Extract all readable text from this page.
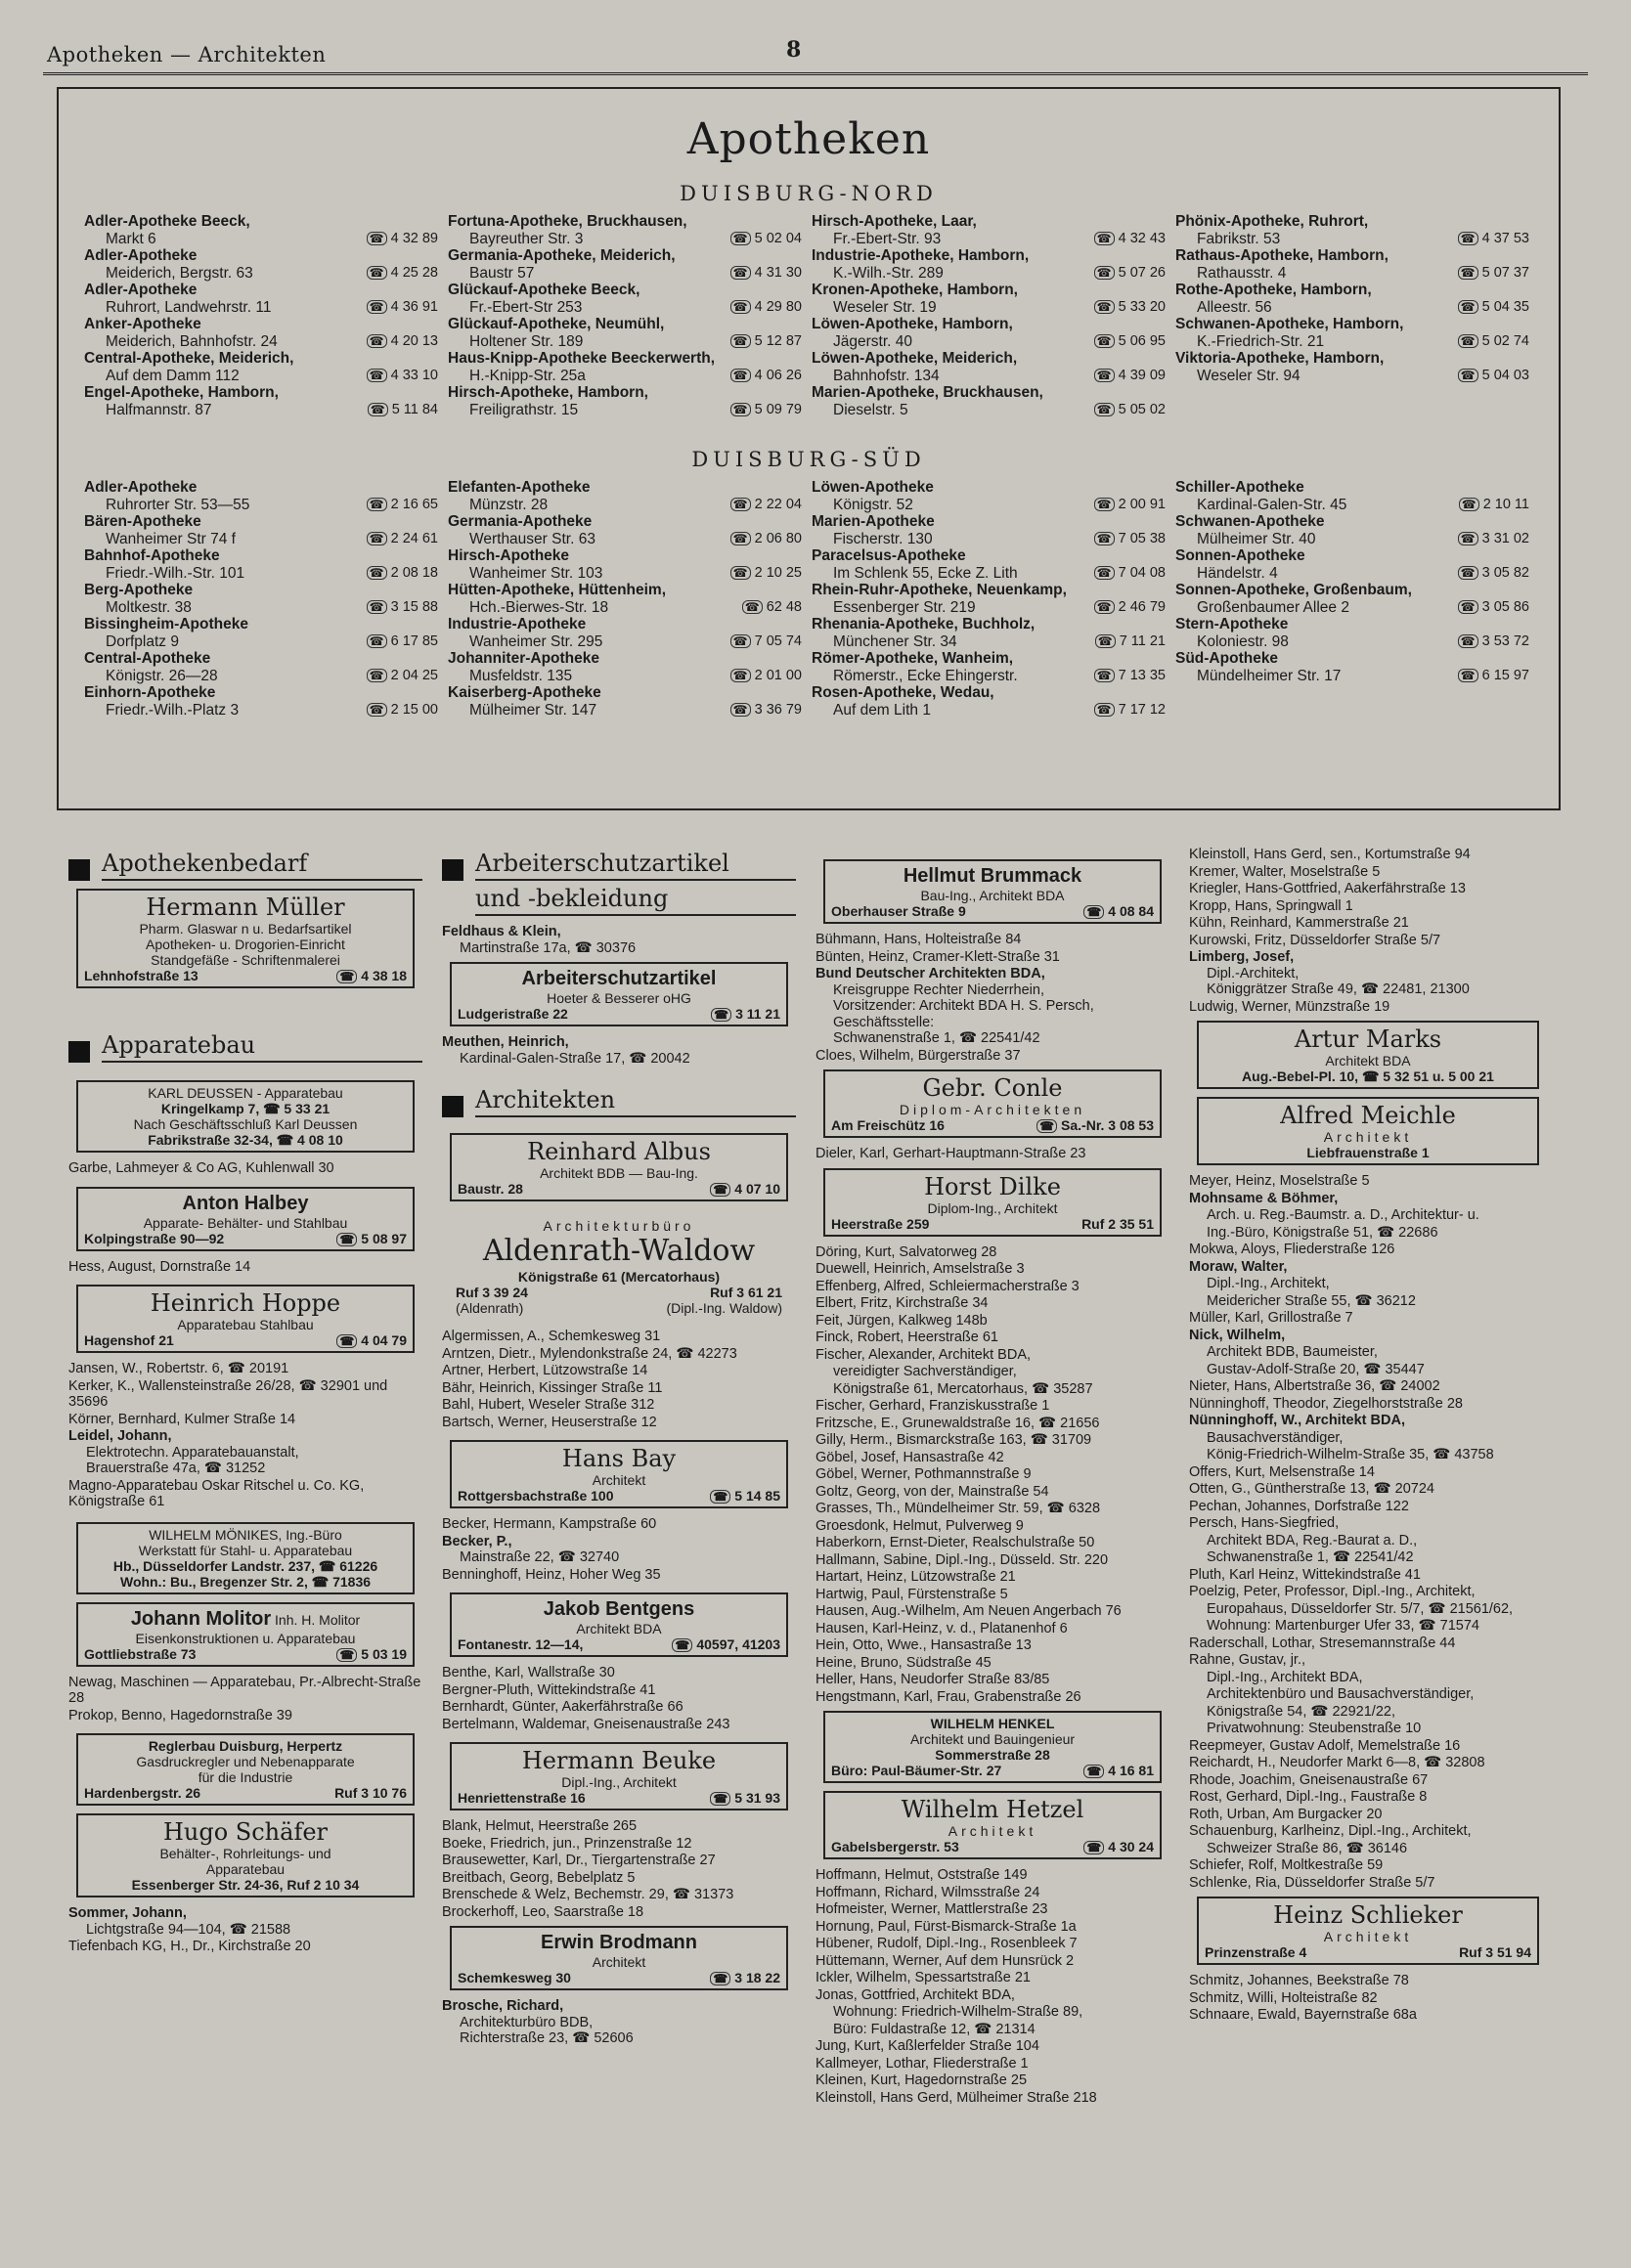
Apotheken — Architekten	8
Apotheken
DUISBURG-NORD
Adler-Apotheke Beeck,
Markt 6	☎ 4 32 89
Adler-Apotheke
Meiderich, Bergstr. 63	☎ 4 25 28
Adler-Apotheke
Ruhrort, Landwehrstr. 11	☎ 4 36 91
Anker-Apotheke
Meiderich, Bahnhofstr. 24	☎ 4 20 13
Central-Apotheke, Meiderich,
Auf dem Damm 112	☎ 4 33 10
Engel-Apotheke, Hamborn,
Halfmannstr. 87	☎ 5 11 84
Fortuna-Apotheke, Bruckhausen,
Bayreuther Str. 3	☎ 5 02 04
Germania-Apotheke, Meiderich,
Baustr 57	☎ 4 31 30
Glückauf-Apotheke Beeck,
Fr.-Ebert-Str 253	☎ 4 29 80
Glückauf-Apotheke, Neumühl,
Holtener Str. 189	☎ 5 12 87
Haus-Knipp-Apotheke Beeckerwerth,
H.-Knipp-Str. 25a	☎ 4 06 26
Hirsch-Apotheke, Hamborn,
Freiligrathstr. 15	☎ 5 09 79
Hirsch-Apotheke, Laar,
Fr.-Ebert-Str. 93	☎ 4 32 43
Industrie-Apotheke, Hamborn,
K.-Wilh.-Str. 289	☎ 5 07 26
Kronen-Apotheke, Hamborn,
Weseler Str. 19	☎ 5 33 20
Löwen-Apotheke, Hamborn,
Jägerstr. 40	☎ 5 06 95
Löwen-Apotheke, Meiderich,
Bahnhofstr. 134	☎ 4 39 09
Marien-Apotheke, Bruckhausen,
Dieselstr. 5	☎ 5 05 02
Phönix-Apotheke, Ruhrort,
Fabrikstr. 53	☎ 4 37 53
Rathaus-Apotheke, Hamborn,
Rathausstr. 4	☎ 5 07 37
Rothe-Apotheke, Hamborn,
Alleestr. 56	☎ 5 04 35
Schwanen-Apotheke, Hamborn,
K.-Friedrich-Str. 21	☎ 5 02 74
Viktoria-Apotheke, Hamborn,
Weseler Str. 94	☎ 5 04 03
DUISBURG-SÜD
Adler-Apotheke
Ruhrorter Str. 53—55	☎ 2 16 65
Bären-Apotheke
Wanheimer Str 74 f	☎ 2 24 61
Bahnhof-Apotheke
Friedr.-Wilh.-Str. 101	☎ 2 08 18
Berg-Apotheke
Moltkestr. 38	☎ 3 15 88
Bissingheim-Apotheke
Dorfplatz 9	☎ 6 17 85
Central-Apotheke
Königstr. 26—28	☎ 2 04 25
Einhorn-Apotheke
Friedr.-Wilh.-Platz 3	☎ 2 15 00
Elefanten-Apotheke
Münzstr. 28	☎ 2 22 04
Germania-Apotheke
Werthauser Str. 63	☎ 2 06 80
Hirsch-Apotheke
Wanheimer Str. 103	☎ 2 10 25
Hütten-Apotheke, Hüttenheim,
Hch.-Bierwes-Str. 18	☎ 62 48
Industrie-Apotheke
Wanheimer Str. 295	☎ 7 05 74
Johanniter-Apotheke
Musfeldstr. 135	☎ 2 01 00
Kaiserberg-Apotheke
Mülheimer Str. 147	☎ 3 36 79
Löwen-Apotheke
Königstr. 52	☎ 2 00 91
Marien-Apotheke
Fischerstr. 130	☎ 7 05 38
Paracelsus-Apotheke
Im Schlenk 55, Ecke Z. Lith	☎ 7 04 08
Rhein-Ruhr-Apotheke, Neuenkamp,
Essenberger Str. 219	☎ 2 46 79
Rhenania-Apotheke, Buchholz,
Münchener Str. 34	☎ 7 11 21
Römer-Apotheke, Wanheim,
Römerstr., Ecke Ehingerstr.	☎ 7 13 35
Rosen-Apotheke, Wedau,
Auf dem Lith 1	☎ 7 17 12
Schiller-Apotheke
Kardinal-Galen-Str. 45	☎ 2 10 11
Schwanen-Apotheke
Mülheimer Str. 40	☎ 3 31 02
Sonnen-Apotheke
Händelstr. 4	☎ 3 05 82
Sonnen-Apotheke, Großenbaum,
Großenbaumer Allee 2	☎ 3 05 86
Stern-Apotheke
Koloniestr. 98	☎ 3 53 72
Süd-Apotheke
Mündelheimer Str. 17	☎ 6 15 97
Apothekenbedarf
Hermann Müller
Pharm. Glaswar n u. Bedarfsartikel
Apotheken- u. Drogorien-Einricht
Standgefäße - Schriftenmalerei
Lehnhofstraße 13	☎ 4 38 18
Apparatebau
KARL DEUSSEN - Apparatebau
Kringelkamp 7, ☎ 5 33 21
Nach Geschäftsschluß Karl Deussen
Fabrikstraße 32-34, ☎ 4 08 10
Garbe, Lahmeyer & Co AG, Kuhlenwall 30
Anton Halbey
Apparate- Behälter- und Stahlbau
Kolpingstraße 90—92	☎ 5 08 97
Hess, August, Dornstraße 14
Heinrich Hoppe
Apparatebau Stahlbau
Hagenshof 21	☎ 4 04 79
Jansen, W., Robertstr. 6, ☎ 20191
Kerker, K., Wallensteinstraße 26/28, ☎ 32901 und 35696
Körner, Bernhard, Kulmer Straße 14
Leidel, Johann,
Elektrotechn. Apparatebauanstalt,
Brauerstraße 47a, ☎ 31252
Magno-Apparatebau Oskar Ritschel u. Co. KG, Königstraße 61
WILHELM MÖNIKES, Ing.-Büro
Werkstatt für Stahl- u. Apparatebau
Hb., Düsseldorfer Landstr. 237, ☎ 61226
Wohn.: Bu., Bregenzer Str. 2, ☎ 71836
Johann Molitor Inh. H. Molitor
Eisenkonstruktionen u. Apparatebau
Gottliebstraße 73	☎ 5 03 19
Newag, Maschinen — Apparatebau, Pr.-Albrecht-Straße 28
Prokop, Benno, Hagedornstraße 39
Reglerbau Duisburg, Herpertz
Gasdruckregler und Nebenapparate
für die Industrie
Hardenbergstr. 26	Ruf 3 10 76
Hugo Schäfer
Behälter-, Rohrleitungs- und
Apparatebau
Essenberger Str. 24-36, Ruf 2 10 34
Sommer, Johann,
Lichtgstraße 94—104, ☎ 21588
Tiefenbach KG, H., Dr., Kirchstraße 20
Arbeiterschutzartikel
und -bekleidung
Feldhaus & Klein,
Martinstraße 17a, ☎ 30376
Arbeiterschutzartikel
Hoeter & Besserer oHG
Ludgeristraße 22	☎ 3 11 21
Meuthen, Heinrich,
Kardinal-Galen-Straße 17, ☎ 20042
Architekten
Reinhard Albus
Architekt BDB — Bau-Ing.
Baustr. 28	☎ 4 07 10
Architekturbüro
Aldenrath-Waldow
Königstraße 61 (Mercatorhaus)
Ruf 3 39 24	Ruf 3 61 21
(Aldenrath)	(Dipl.-Ing. Waldow)
Algermissen, A., Schemkesweg 31
Arntzen, Dietr., Mylendonkstraße 24, ☎ 42273
Artner, Herbert, Lützowstraße 14
Bähr, Heinrich, Kissinger Straße 11
Bahl, Hubert, Weseler Straße 312
Bartsch, Werner, Heuserstraße 12
Hans Bay
Architekt
Rottgersbachstraße 100	☎ 5 14 85
Becker, Hermann, Kampstraße 60
Becker, P.,
Mainstraße 22, ☎ 32740
Benninghoff, Heinz, Hoher Weg 35
Jakob Bentgens
Architekt BDA
Fontanestr. 12—14,	☎ 40597, 41203
Benthe, Karl, Wallstraße 30
Bergner-Pluth, Wittekindstraße 41
Bernhardt, Günter, Aakerfährstraße 66
Bertelmann, Waldemar, Gneisenaustraße 243
Hermann Beuke
Dipl.-Ing., Architekt
Henriettenstraße 16	☎ 5 31 93
Blank, Helmut, Heerstraße 265
Boeke, Friedrich, jun., Prinzenstraße 12
Brausewetter, Karl, Dr., Tiergartenstraße 27
Breitbach, Georg, Bebelplatz 5
Brenschede & Welz, Bechemstr. 29, ☎ 31373
Brockerhoff, Leo, Saarstraße 18
Erwin Brodmann
Architekt
Schemkesweg 30	☎ 3 18 22
Brosche, Richard,
Architekturbüro BDB,
Richterstraße 23, ☎ 52606
Hellmut Brummack
Bau-Ing., Architekt BDA
Oberhauser Straße 9	☎ 4 08 84
Bühmann, Hans, Holteistraße 84
Bünten, Heinz, Cramer-Klett-Straße 31
Bund Deutscher Architekten BDA,
Kreisgruppe Rechter Niederrhein,
Vorsitzender: Architekt BDA H. S. Persch,
Geschäftsstelle:
Schwanenstraße 1, ☎ 22541/42
Cloes, Wilhelm, Bürgerstraße 37
Gebr. Conle
Diplom-Architekten
Am Freischütz 16	☎ Sa.-Nr. 3 08 53
Dieler, Karl, Gerhart-Hauptmann-Straße 23
Horst Dilke
Diplom-Ing., Architekt
Heerstraße 259	Ruf 2 35 51
Döring, Kurt, Salvatorweg 28
Duewell, Heinrich, Amselstraße 3
Effenberg, Alfred, Schleiermacherstraße 3
Elbert, Fritz, Kirchstraße 34
Feit, Jürgen, Kalkweg 148b
Finck, Robert, Heerstraße 61
Fischer, Alexander, Architekt BDA,
vereidigter Sachverständiger,
Königstraße 61, Mercatorhaus, ☎ 35287
Fischer, Gerhard, Franziskusstraße 1
Fritzsche, E., Grunewaldstraße 16, ☎ 21656
Gilly, Herm., Bismarckstraße 163, ☎ 31709
Göbel, Josef, Hansastraße 42
Göbel, Werner, Pothmannstraße 9
Goltz, Georg, von der, Mainstraße 54
Grasses, Th., Mündelheimer Str. 59, ☎ 6328
Groesdonk, Helmut, Pulverweg 9
Haberkorn, Ernst-Dieter, Realschulstraße 50
Hallmann, Sabine, Dipl.-Ing., Düsseld. Str. 220
Hartart, Heinz, Lützowstraße 21
Hartwig, Paul, Fürstenstraße 5
Hausen, Aug.-Wilhelm, Am Neuen Angerbach 76
Hausen, Karl-Heinz, v. d., Platanenhof 6
Hein, Otto, Wwe., Hansastraße 13
Heine, Bruno, Südstraße 45
Heller, Hans, Neudorfer Straße 83/85
Hengstmann, Karl, Frau, Grabenstraße 26
WILHELM HENKEL
Architekt und Bauingenieur
Sommerstraße 28
Büro: Paul-Bäumer-Str. 27	☎ 4 16 81
Wilhelm Hetzel
Architekt
Gabelsbergerstr. 53	☎ 4 30 24
Hoffmann, Helmut, Oststraße 149
Hoffmann, Richard, Wilmsstraße 24
Hofmeister, Werner, Mattlerstraße 23
Hornung, Paul, Fürst-Bismarck-Straße 1a
Hübener, Rudolf, Dipl.-Ing., Rosenbleek 7
Hüttemann, Werner, Auf dem Hunsrück 2
Ickler, Wilhelm, Spessartstraße 21
Jonas, Gottfried, Architekt BDA,
Wohnung: Friedrich-Wilhelm-Straße 89,
Büro: Fuldastraße 12, ☎ 21314
Jung, Kurt, Kaßlerfelder Straße 104
Kallmeyer, Lothar, Fliederstraße 1
Kleinen, Kurt, Hagedornstraße 25
Kleinstoll, Hans Gerd, Mülheimer Straße 218
Kleinstoll, Hans Gerd, sen., Kortumstraße 94
Kremer, Walter, Moselstraße 5
Kriegler, Hans-Gottfried, Aakerfährstraße 13
Kropp, Hans, Springwall 1
Kühn, Reinhard, Kammerstraße 21
Kurowski, Fritz, Düsseldorfer Straße 5/7
Limberg, Josef,
Dipl.-Architekt,
Königgrätzer Straße 49, ☎ 22481, 21300
Ludwig, Werner, Münzstraße 19
Artur Marks
Architekt BDA
Aug.-Bebel-Pl. 10, ☎ 5 32 51 u. 5 00 21
Alfred Meichle
Architekt
Liebfrauenstraße 1
Meyer, Heinz, Moselstraße 5
Mohnsame & Böhmer,
Arch. u. Reg.-Baumstr. a. D., Architektur- u.
Ing.-Büro, Königstraße 51, ☎ 22686
Mokwa, Aloys, Fliederstraße 126
Moraw, Walter,
Dipl.-Ing., Architekt,
Meidericher Straße 55, ☎ 36212
Müller, Karl, Grillostraße 7
Nick, Wilhelm,
Architekt BDB, Baumeister,
Gustav-Adolf-Straße 20, ☎ 35447
Nieter, Hans, Albertstraße 36, ☎ 24002
Nünninghoff, Theodor, Ziegelhorststraße 28
Nünninghoff, W., Architekt BDA,
Bausachverständiger,
König-Friedrich-Wilhelm-Straße 35, ☎ 43758
Offers, Kurt, Melsenstraße 14
Otten, G., Güntherstraße 13, ☎ 20724
Pechan, Johannes, Dorfstraße 122
Persch, Hans-Siegfried,
Architekt BDA, Reg.-Baurat a. D.,
Schwanenstraße 1, ☎ 22541/42
Pluth, Karl Heinz, Wittekindstraße 41
Poelzig, Peter, Professor, Dipl.-Ing., Architekt,
Europahaus, Düsseldorfer Str. 5/7, ☎ 21561/62,
Wohnung: Martenburger Ufer 33, ☎ 71574
Raderschall, Lothar, Stresemannstraße 44
Rahne, Gustav, jr.,
Dipl.-Ing., Architekt BDA,
Architektenbüro und Bausachverständiger,
Königstraße 54, ☎ 22921/22,
Privatwohnung: Steubenstraße 10
Reepmeyer, Gustav Adolf, Memelstraße 16
Reichardt, H., Neudorfer Markt 6—8, ☎ 32808
Rhode, Joachim, Gneisenaustraße 67
Rost, Gerhard, Dipl.-Ing., Faustraße 8
Roth, Urban, Am Burgacker 20
Schauenburg, Karlheinz, Dipl.-Ing., Architekt,
Schweizer Straße 86, ☎ 36146
Schiefer, Rolf, Moltkestraße 59
Schlenke, Ria, Düsseldorfer Straße 5/7
Heinz Schlieker
Architekt
Prinzenstraße 4	Ruf 3 51 94
Schmitz, Johannes, Beekstraße 78
Schmitz, Willi, Holteistraße 82
Schnaare, Ewald, Bayernstraße 68a
